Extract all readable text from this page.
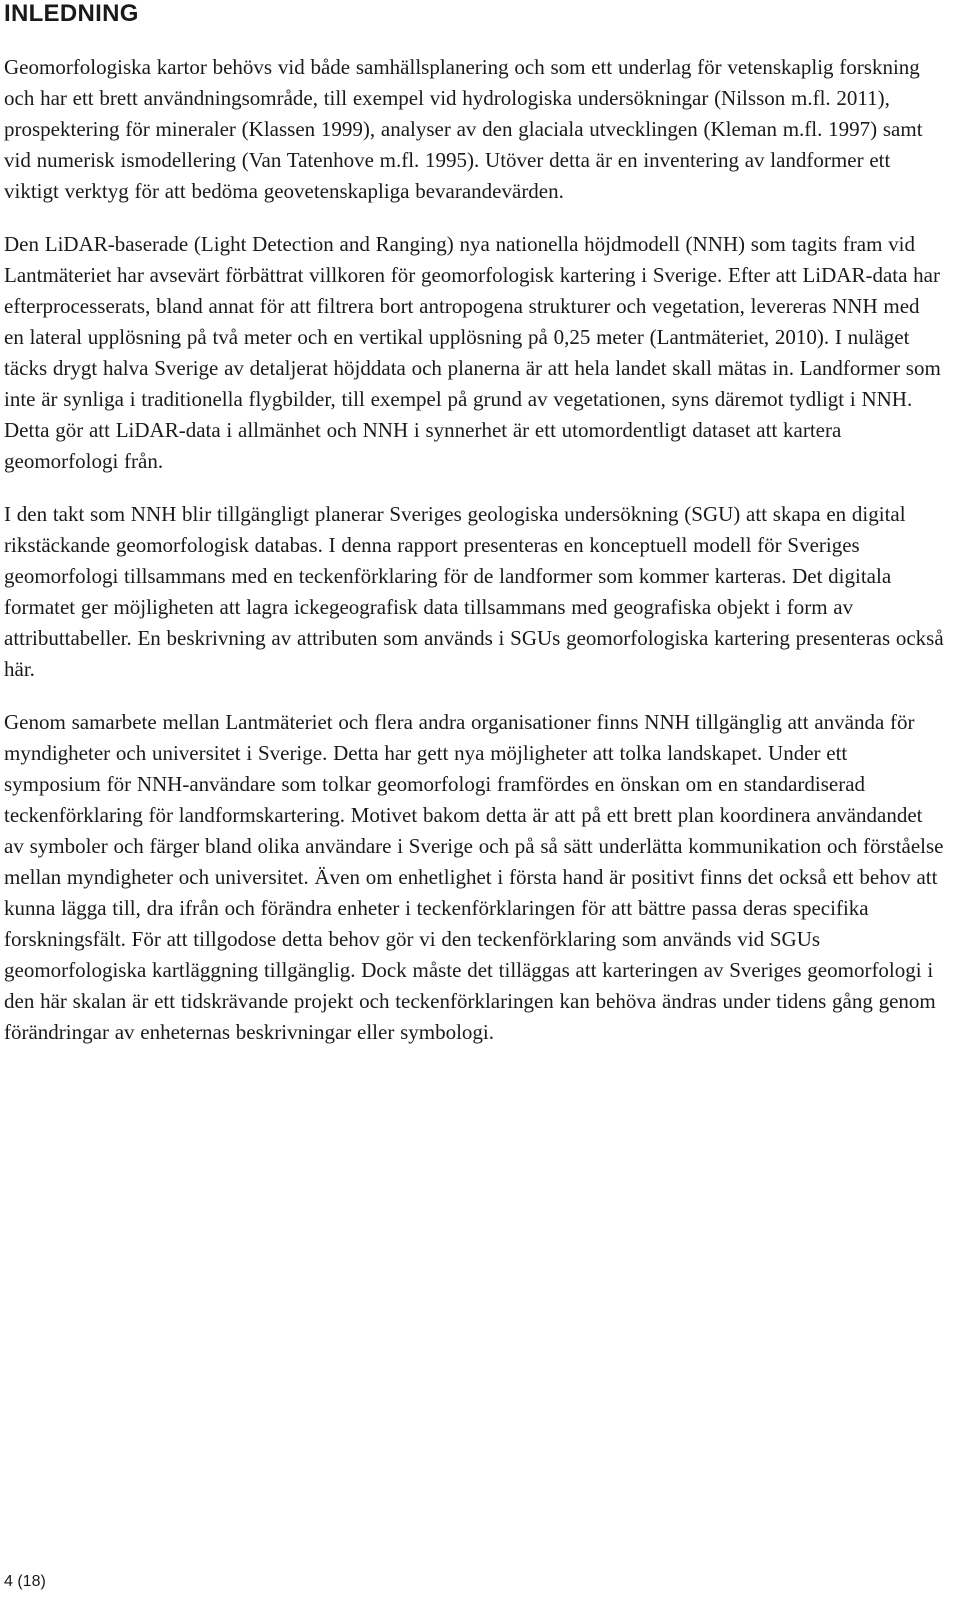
INLEDNING

Geomorfologiska kartor behövs vid både samhällsplanering och som ett underlag för vetenskaplig forskning och har ett brett användningsområde, till exempel vid hydrologiska undersökningar (Nilsson m.fl. 2011), prospektering för mineraler (Klassen 1999), analyser av den glaciala utvecklingen (Kleman m.fl. 1997) samt vid numerisk ismodellering (Van Tatenhove m.fl. 1995). Utöver detta är en inventering av landformer ett viktigt verktyg för att bedöma geovetenskapliga bevarandevärden.

Den LiDAR-baserade (Light Detection and Ranging) nya nationella höjdmodell (NNH) som tagits fram vid Lantmäteriet har avsevärt förbättrat villkoren för geomorfologisk kartering i Sverige. Efter att LiDAR-data har efterprocesserats, bland annat för att filtrera bort antropogena strukturer och vegetation, levereras NNH med en lateral upplösning på två meter och en vertikal upplösning på 0,25 meter (Lantmäteriet, 2010). I nuläget täcks drygt halva Sverige av detaljerat höjddata och planerna är att hela landet skall mätas in. Landformer som inte är synliga i traditionella flygbilder, till exempel på grund av vegetationen, syns däremot tydligt i NNH. Detta gör att LiDAR-data i allmänhet och NNH i synnerhet är ett utomordentligt dataset att kartera geomorfologi från.

I den takt som NNH blir tillgängligt planerar Sveriges geologiska undersökning (SGU) att skapa en digital rikstäckande geomorfologisk databas. I denna rapport presenteras en konceptuell modell för Sveriges geomorfologi tillsammans med en teckenförklaring för de landformer som kommer karteras. Det digitala formatet ger möjligheten att lagra ickegeografisk data tillsammans med geografiska objekt i form av attributtabeller. En beskrivning av attributen som används i SGUs geomorfologiska kartering presenteras också här.

Genom samarbete mellan Lantmäteriet och flera andra organisationer finns NNH tillgänglig att använda för myndigheter och universitet i Sverige. Detta har gett nya möjligheter att tolka landskapet. Under ett symposium för NNH-användare som tolkar geomorfologi framfördes en önskan om en standardiserad teckenförklaring för landformskartering. Motivet bakom detta är att på ett brett plan koordinera användandet av symboler och färger bland olika användare i Sverige och på så sätt underlätta kommunikation och förståelse mellan myndigheter och universitet. Även om enhetlighet i första hand är positivt finns det också ett behov att kunna lägga till, dra ifrån och förändra enheter i teckenförklaringen för att bättre passa deras specifika forskningsfält. För att tillgodose detta behov gör vi den teckenförklaring som används vid SGUs geomorfologiska kartläggning tillgänglig. Dock måste det tilläggas att karteringen av Sveriges geomorfologi i den här skalan är ett tidskrävande projekt och teckenförklaringen kan behöva ändras under tidens gång genom förändringar av enheternas beskrivningar eller symbologi.

4 (18)
